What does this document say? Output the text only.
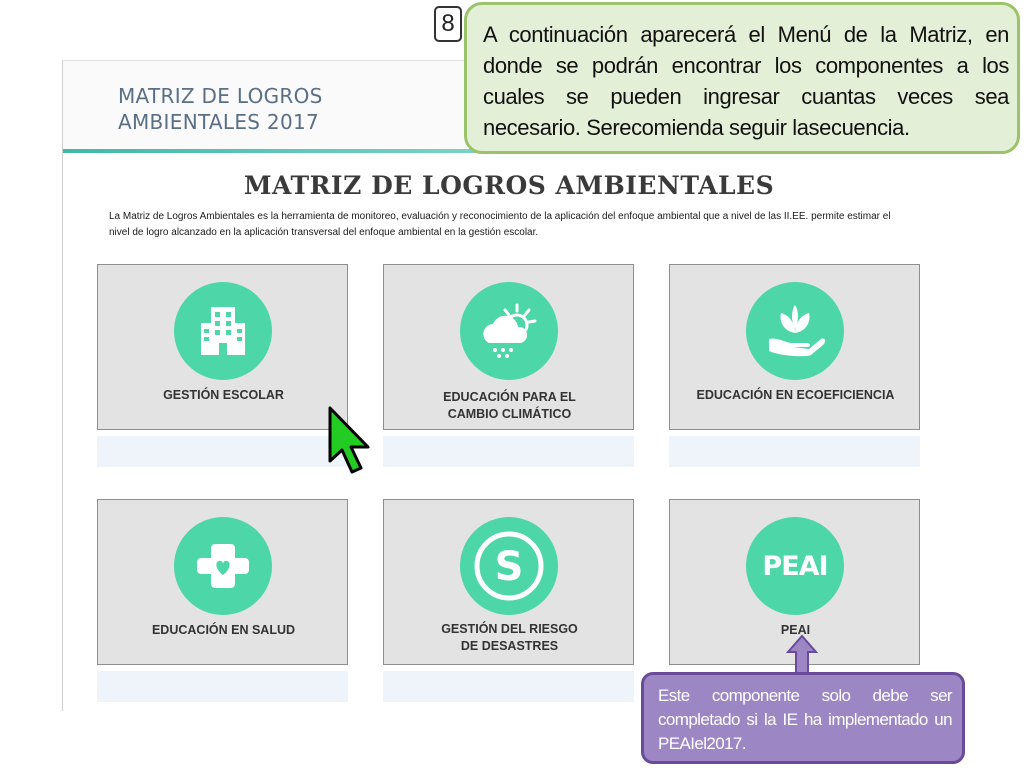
MATRIZ DE LOGROS
AMBIENTALES 2017
MATRIZ DE LOGROS AMBIENTALES
La Matriz de Logros Ambientales es la herramienta de monitoreo, evaluación y reconocimiento de la aplicación del enfoque ambiental que a nivel de las II.EE. permite estimar el nivel de logro alcanzado en la aplicación transversal del enfoque ambiental en la gestión escolar.
GESTIÓN ESCOLAR	EDUCACIÓN PARA EL
CAMBIO CLIMÁTICO
EDUCACIÓN EN ECOEFICIENCIA
EDUCACIÓN EN SALUD
S
GESTIÓN DEL RIESGO
DE DESASTRES
PEAI
PEAI
8	A continuación aparecerá el Menú de la Matriz, en donde se podrán encontrar los componentes a los cuales se pueden ingresar cuantas veces sea necesario. Serecomienda seguir lasecuencia.

Este componente solo debe ser completado si la IE ha implementado un PEAIel2017.
